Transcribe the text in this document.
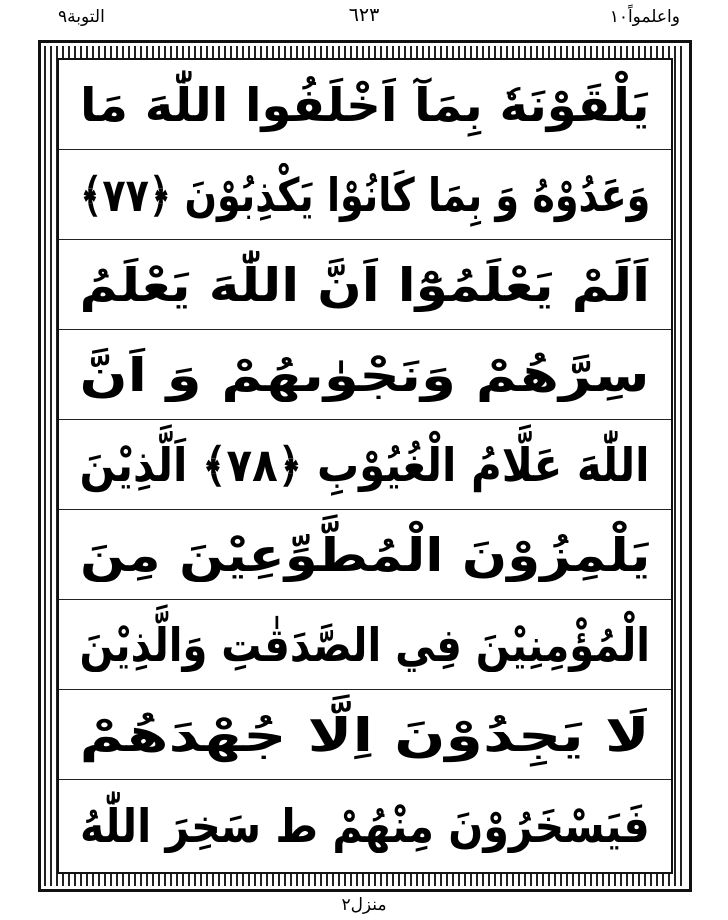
التوبة٩	٦٢٣	واعلمواً١٠
يَلْقَوْنَهٗ بِمَآ اَخْلَفُوا اللّٰهَ مَا
وَعَدُوْهُ وَ بِمَا كَانُوْا يَكْذِبُوْنَ ﴿٧٧﴾
اَلَمْ يَعْلَمُوْٓا اَنَّ اللّٰهَ يَعْلَمُ
سِرَّهُمْ وَنَجْوٰىهُمْ وَ اَنَّ
اللّٰهَ عَلَّامُ الْغُيُوْبِ ﴿٧٨﴾ اَلَّذِيْنَ
يَلْمِزُوْنَ الْمُطَّوِّعِيْنَ مِنَ
الْمُؤْمِنِيْنَ فِي الصَّدَقٰتِ وَالَّذِيْنَ
لَا يَجِدُوْنَ اِلَّا جُهْدَهُمْ
فَيَسْخَرُوْنَ مِنْهُمْ ط سَخِرَ اللّٰهُ
منزل٢
